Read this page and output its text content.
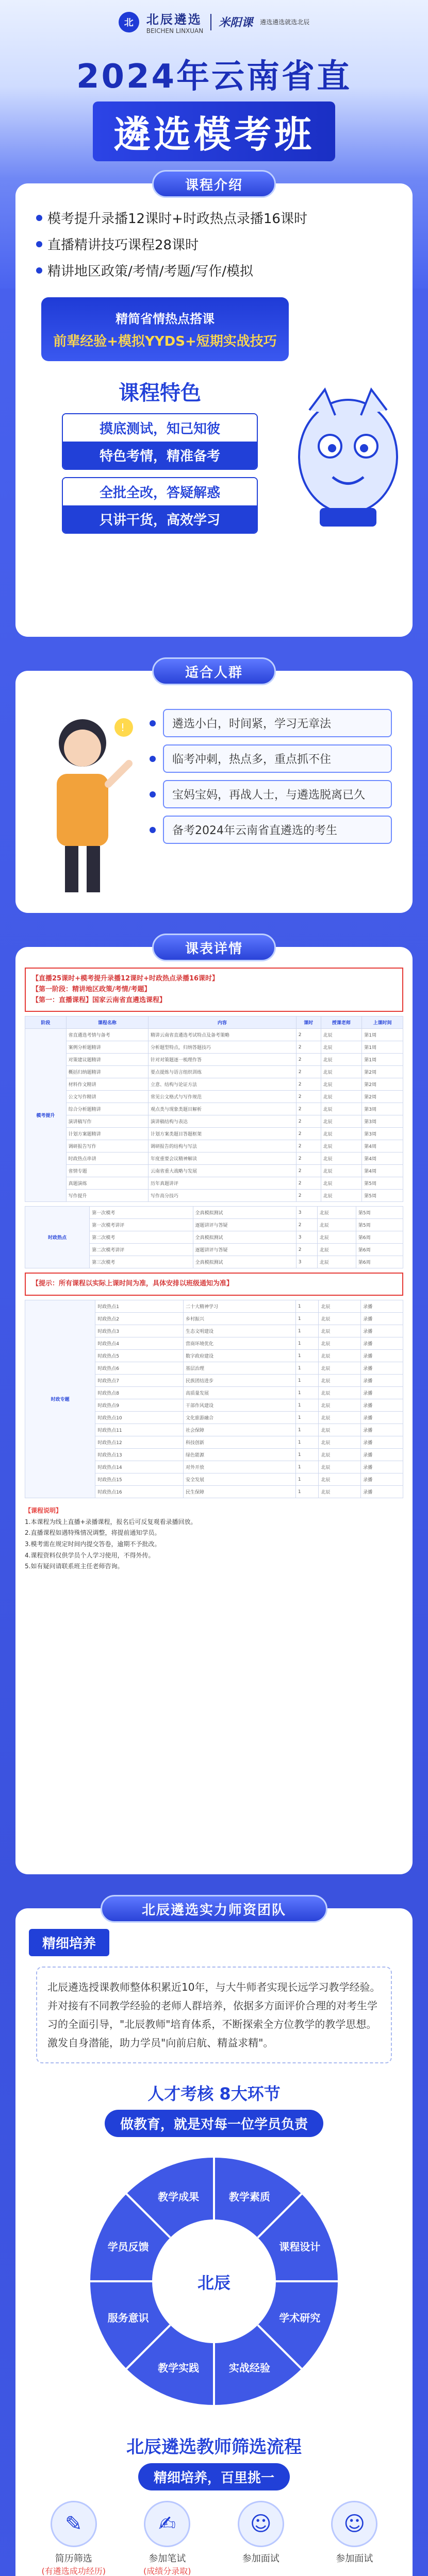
北	北辰遴选
BEICHEN LINXUAN
米阳课 遴选遴选就选北辰
2024年云南省直
遴选模考班
课程介绍
模考提升录播12课时+时政热点录播16课时
直播精讲技巧课程28课时
精讲地区政策/考情/考题/写作/模拟
精简省情热点搭课
前辈经验+模拟YYDS+短期实战技巧
课程特色
摸底测试，知己知彼
特色考情，精准备考
全批全改，答疑解惑
只讲干货，高效学习
适合人群
!	遴选小白，时间紧，学习无章法
临考冲刺，热点多，重点抓不住
宝妈宝妈，再战人士，与遴选脱离已久
备考2024年云南省直遴选的考生
课表详情
【直播25课时+模考提升录播12课时+时政热点录播16课时】
【第一阶段：精讲地区政策/考情/考题】
【第一：直播课程】国家云南省直遴选课程】
阶段	课程名称	内容	课时	授课老师	上课时间
模考提升	省直遴选考情与备考	精讲云南省直遴选考试特点及备考策略	2	北辰	第1周
	案例分析题精讲	分析题型特点，归纳答题技巧	2	北辰	第1周
	对策建议题精讲	针对对策题逐一梳理作答	2	北辰	第1周
	概括归纳题精讲	要点提炼与语言组织训练	2	北辰	第2周
	材料作文精讲	立意、结构与论证方法	2	北辰	第2周
	公文写作精讲	常见公文格式与写作规范	2	北辰	第2周
	综合分析题精讲	观点类与现象类题目解析	2	北辰	第3周
	演讲稿写作	演讲稿结构与表达	2	北辰	第3周
	计划方案题精讲	计划方案类题目答题框架	2	北辰	第3周
	调研报告写作	调研报告的结构与写法	2	北辰	第4周
	时政热点串讲	年度重要会议精神解读	2	北辰	第4周
	省情专题	云南省重大战略与发展	2	北辰	第4周
	真题演练	历年真题讲评	2	北辰	第5周
	写作提升	写作高分技巧	2	北辰	第5周
时政热点	第一次模考	全真模拟测试	3	北辰	第5周
	第一次模考讲评	逐题讲评与答疑	2	北辰	第5周
	第二次模考	全真模拟测试	3	北辰	第6周
	第二次模考讲评	逐题讲评与答疑	2	北辰	第6周
	第三次模考	全真模拟测试	3	北辰	第6周
【提示：所有课程以实际上课时间为准，具体安排以班级通知为准】
时政专题	时政热点1	二十大精神学习	1	北辰	录播
	时政热点2	乡村振兴	1	北辰	录播
	时政热点3	生态文明建设	1	北辰	录播
	时政热点4	营商环境优化	1	北辰	录播
	时政热点5	数字政府建设	1	北辰	录播
	时政热点6	基层治理	1	北辰	录播
	时政热点7	民族团结进步	1	北辰	录播
	时政热点8	高质量发展	1	北辰	录播
	时政热点9	干部作风建设	1	北辰	录播
	时政热点10	文化旅游融合	1	北辰	录播
	时政热点11	社会保障	1	北辰	录播
	时政热点12	科技创新	1	北辰	录播
	时政热点13	绿色能源	1	北辰	录播
	时政热点14	对外开放	1	北辰	录播
	时政热点15	安全发展	1	北辰	录播
	时政热点16	民生保障	1	北辰	录播
【课程说明】
1.本课程为线上直播+录播课程，报名后可反复观看录播回放。
2.直播课程如遇特殊情况调整，将提前通知学员。
3.模考需在规定时间内提交答卷，逾期不予批改。
4.课程资料仅供学员个人学习使用，不得外传。
5.如有疑问请联系班主任老师咨询。
北辰遴选实力师资团队
精细培养
北辰遴选授课教师整体积累近10年，与大牛师者实现长远学习教学经验。并对接有不同教学经验的老师人群培养，依据多方面评价合理的对考生学习的全面引导，"北辰教师"培育体系，不断探索全方位教学的教学思想。激发自身潜能，助力学员"向前启航、精益求精"。
人才考核 8大环节
做教育，就是对每一位学员负责
教学素质
课程设计
学术研究
实战经验
教学实践
服务意识
学员反馈
教学成果
北辰
北辰遴选教师筛选流程
精细培养，百里挑一
✎
简历筛选
(有遴选成功经历)
✍
参加笔试
(成绩分录取)
☺
参加面试
☺
参加面试
